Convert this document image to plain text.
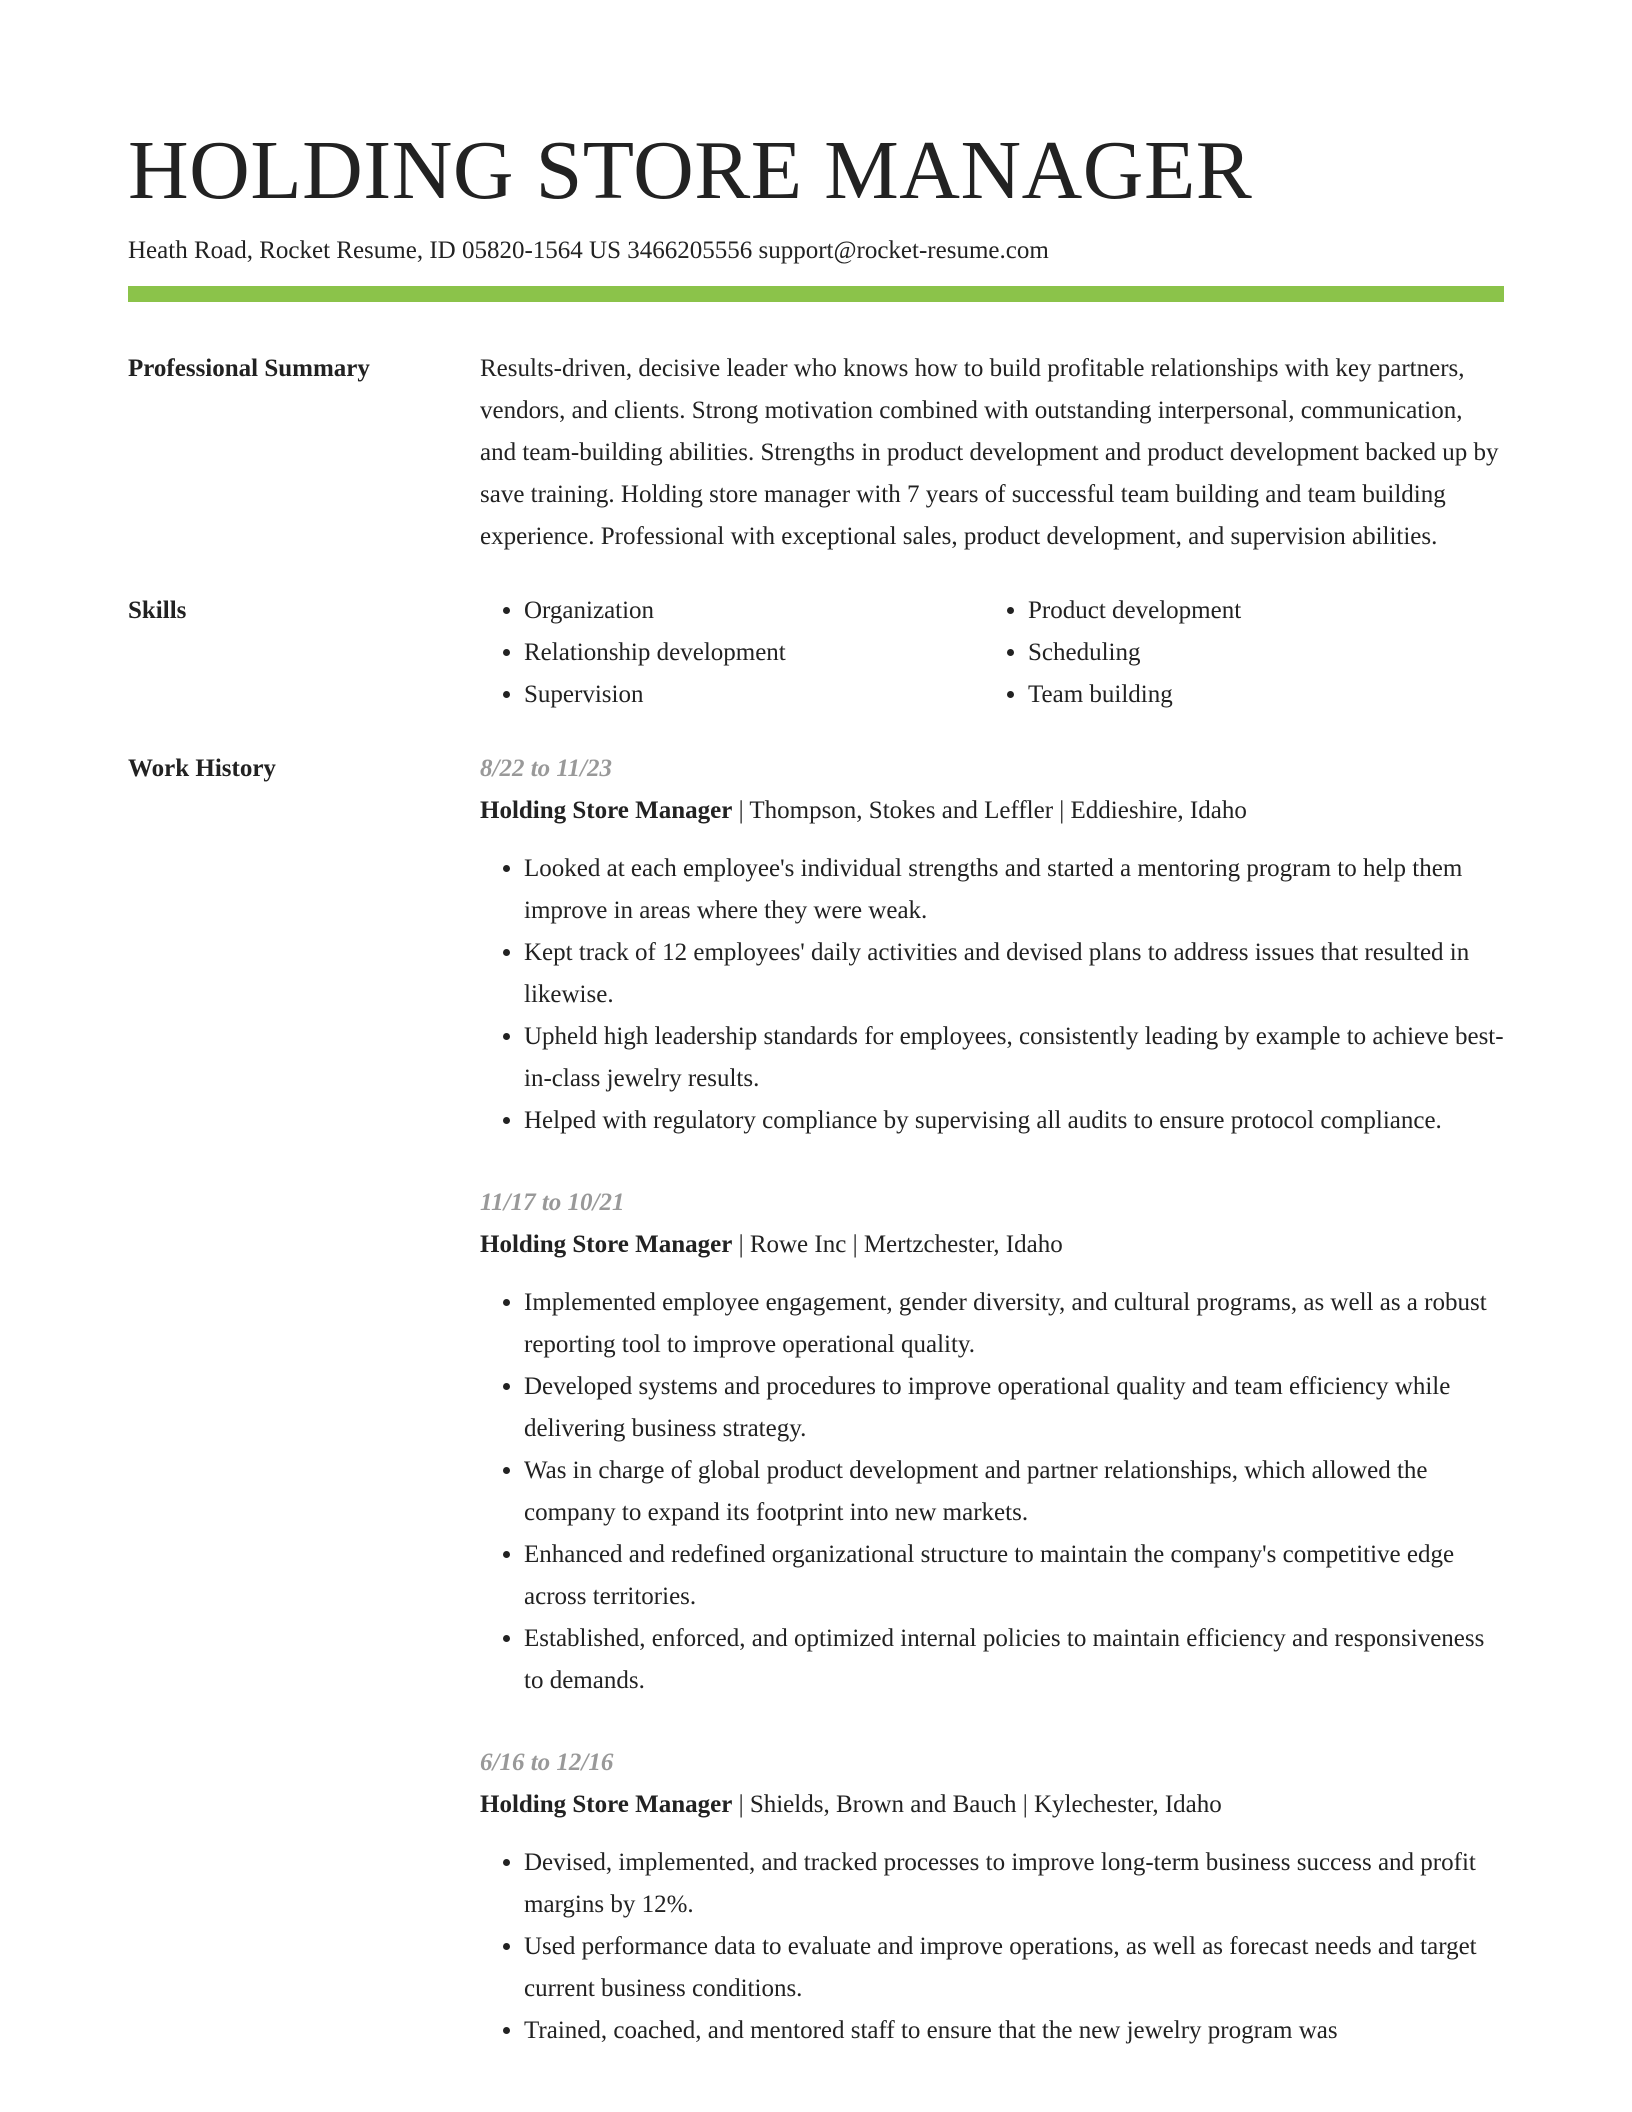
HOLDING STORE MANAGER
Heath Road, Rocket Resume, ID 05820-1564 US 3466205556 support@rocket-resume.com
Professional Summary	Results-driven, decisive leader who knows how to build profitable relationships with key partners, vendors, and clients. Strong motivation combined with outstanding interpersonal, communication, and team-building abilities. Strengths in product development and product development backed up by save training. Holding store manager with 7 years of successful team building and team building experience. Professional with exceptional sales, product development, and supervision abilities.

Skills
•	Organization
• Relationship development
• Supervision
• Product development
• Scheduling
• Team building
Work History	8/22 to 11/23
Holding Store Manager | Thompson, Stokes and Leffler | Eddieshire, Idaho
• Looked at each employee's individual strengths and started a mentoring program to help them improve in areas where they were weak.
• Kept track of 12 employees' daily activities and devised plans to address issues that resulted in likewise.
• Upheld high leadership standards for employees, consistently leading by example to achieve best-in-class jewelry results.
• Helped with regulatory compliance by supervising all audits to ensure protocol compliance.
11/17 to 10/21
Holding Store Manager | Rowe Inc | Mertzchester, Idaho
• Implemented employee engagement, gender diversity, and cultural programs, as well as a robust reporting tool to improve operational quality.
• Developed systems and procedures to improve operational quality and team efficiency while delivering business strategy.
• Was in charge of global product development and partner relationships, which allowed the company to expand its footprint into new markets.
• Enhanced and redefined organizational structure to maintain the company's competitive edge across territories.
• Established, enforced, and optimized internal policies to maintain efficiency and responsiveness to demands.
6/16 to 12/16
Holding Store Manager | Shields, Brown and Bauch | Kylechester, Idaho
• Devised, implemented, and tracked processes to improve long-term business success and profit margins by 12%.
• Used performance data to evaluate and improve operations, as well as forecast needs and target current business conditions.
• Trained, coached, and mentored staff to ensure that the new jewelry program was
